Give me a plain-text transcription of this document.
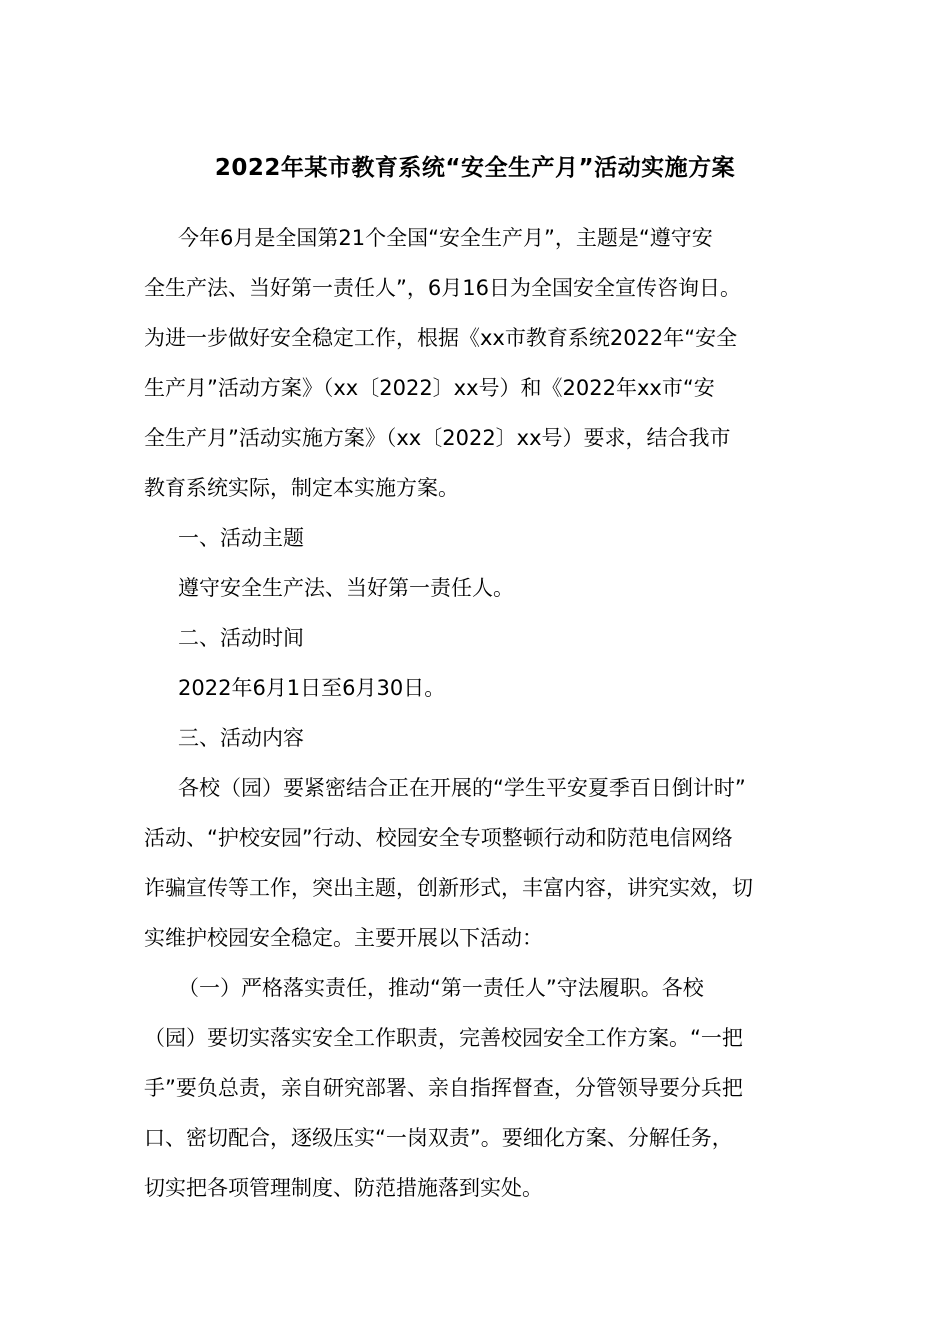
2022年某市教育系统“安全生产月”活动实施方案
今年6月是全国第21个全国“安全生产月”，主题是“遵守安
全生产法、当好第一责任人”，6月16日为全国安全宣传咨询日。
为进一步做好安全稳定工作，根据《xx市教育系统2022年“安全
生产月”活动方案》（xx〔2022〕xx号）和《2022年xx市“安
全生产月”活动实施方案》（xx〔2022〕xx号）要求，结合我市
教育系统实际，制定本实施方案。
一、活动主题
遵守安全生产法、当好第一责任人。
二、活动时间
2022年6月1日至6月30日。
三、活动内容
各校（园）要紧密结合正在开展的“学生平安夏季百日倒计时”
活动、“护校安园”行动、校园安全专项整顿行动和防范电信网络
诈骗宣传等工作，突出主题，创新形式，丰富内容，讲究实效，切
实维护校园安全稳定。主要开展以下活动：
（一）严格落实责任，推动“第一责任人”守法履职。各校
（园）要切实落实安全工作职责，完善校园安全工作方案。“一把
手”要负总责，亲自研究部署、亲自指挥督查，分管领导要分兵把
口、密切配合，逐级压实“一岗双责”。要细化方案、分解任务，
切实把各项管理制度、防范措施落到实处。
